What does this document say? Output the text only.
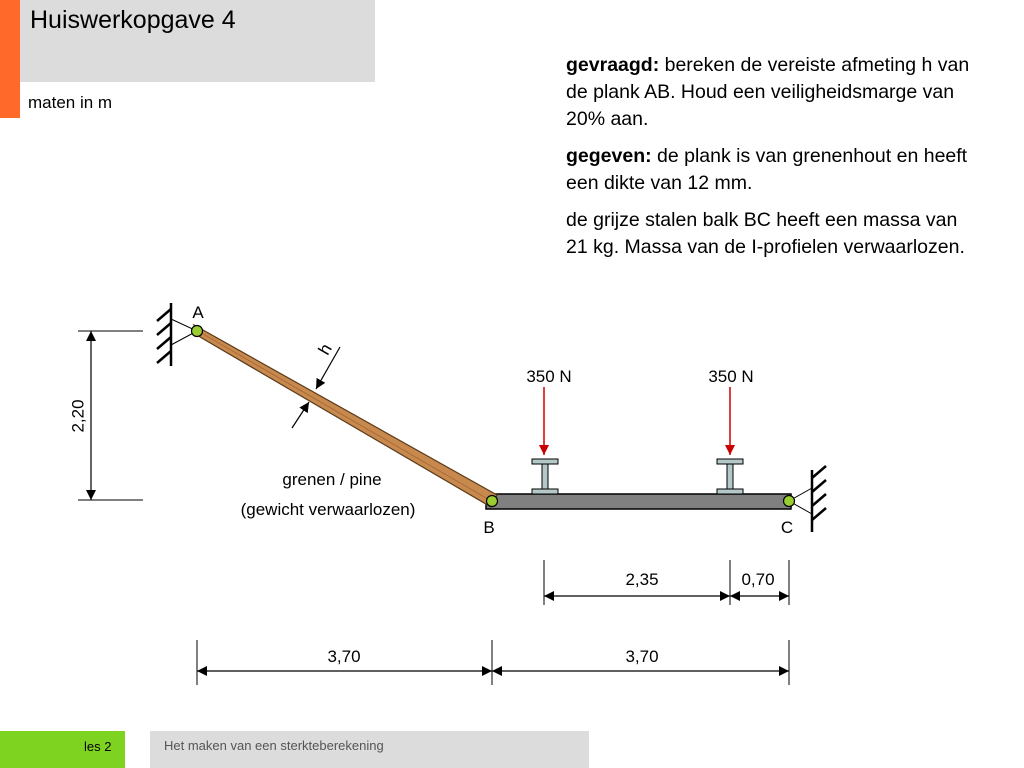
Huiswerkopgave 4
maten in m

gevraagd: bereken de vereiste afmeting h van de plank AB. Houd een veiligheidsmarge van 20% aan.

gegeven: de plank is van grenenhout en heeft een dikte van 12 mm.

de grijze stalen balk BC heeft een massa van 21 kg. Massa van de I-profielen verwaarlozen.

350 N	350 N
A
B	C
h
2,20
grenen / pine
(gewicht verwaarlozen)
2,35	0,70
3,70	3,70
les 2	Het maken van een sterkteberekening
